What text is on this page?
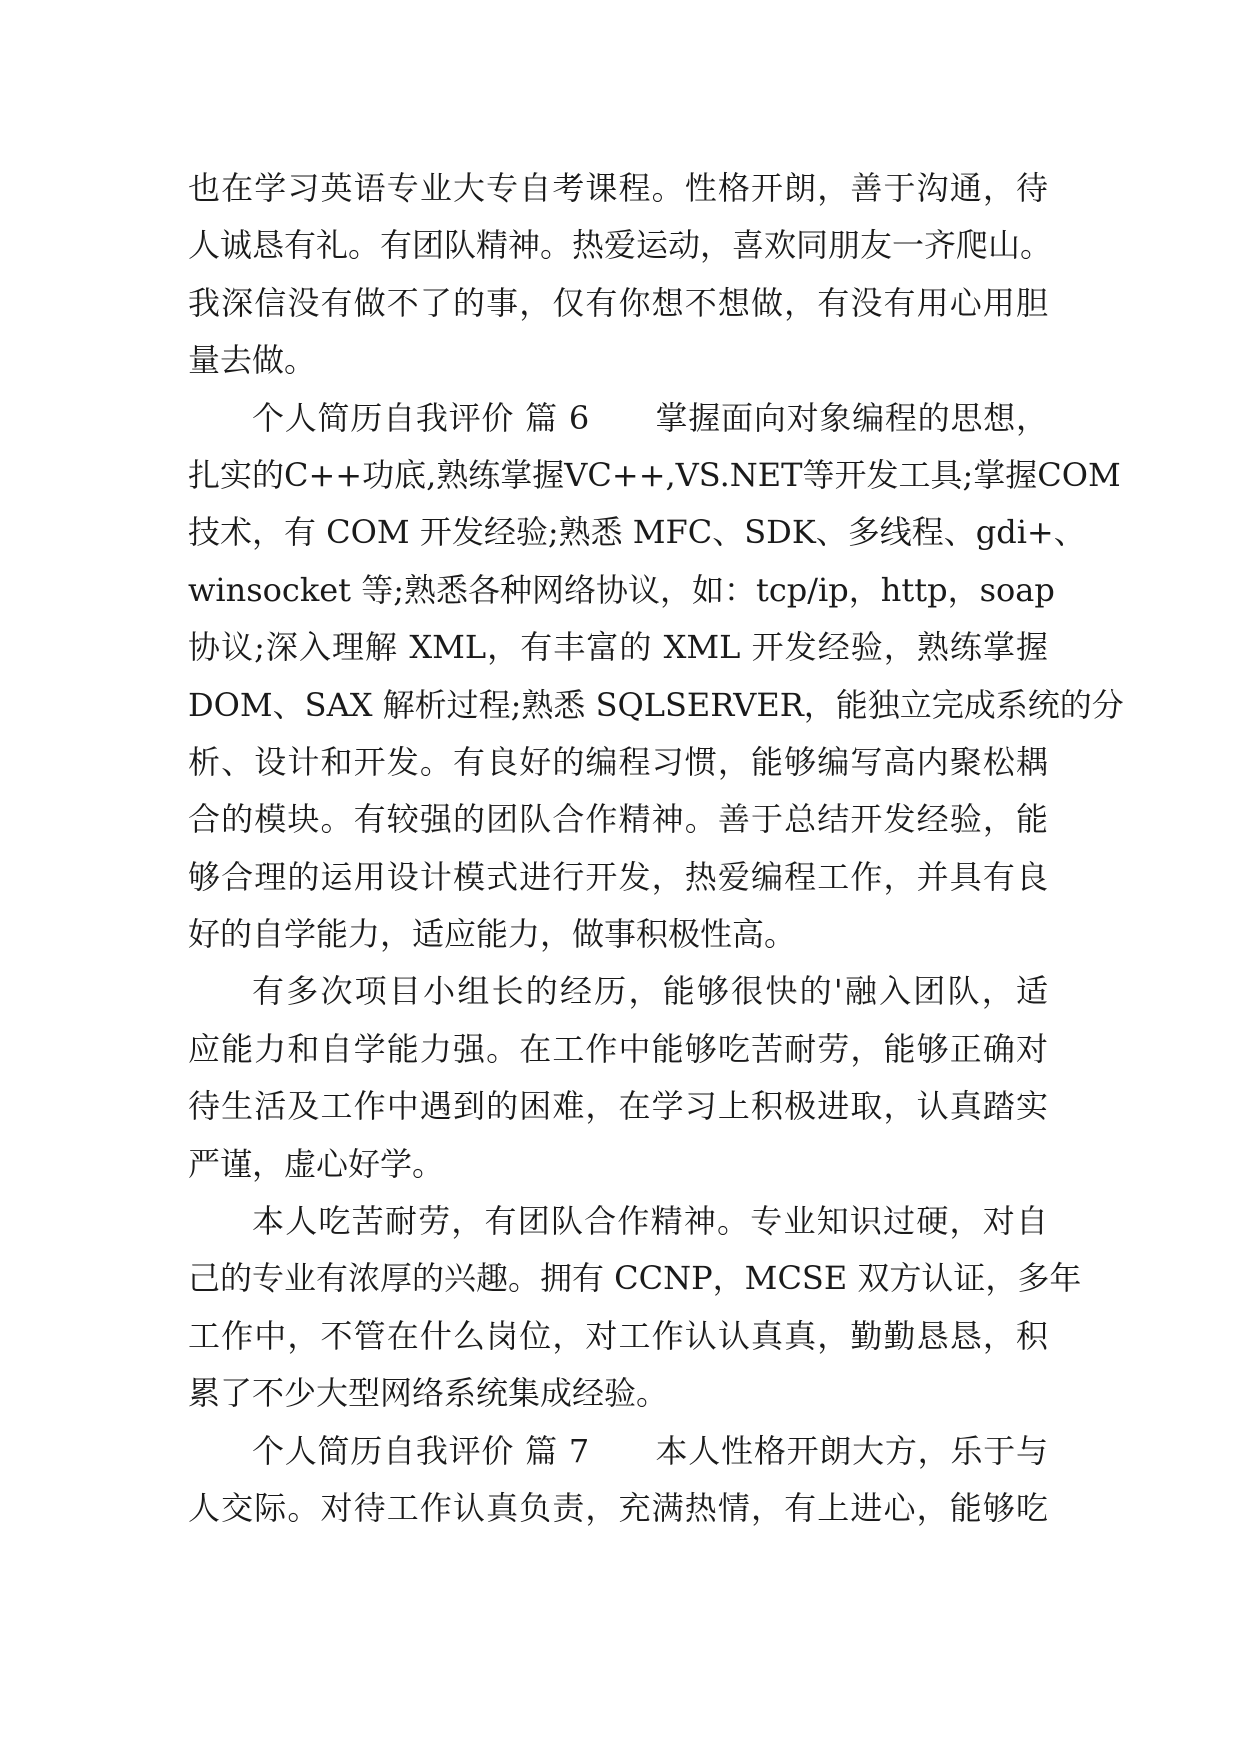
也在学习英语专业大专自考课程。性格开朗，善于沟通，待
人诚恳有礼。有团队精神。热爱运动，喜欢同朋友一齐爬山。
我深信没有做不了的事，仅有你想不想做，有没有用心用胆
量去做。
个人简历自我评价 篇 6　　掌握面向对象编程的思想，
扎实的C++功底,熟练掌握VC++,VS.NET等开发工具;掌握COM
技术，有 COM 开发经验;熟悉 MFC、SDK、多线程、gdi+、
winsocket 等;熟悉各种网络协议，如：tcp/ip，http，soap
协议;深入理解 XML，有丰富的 XML 开发经验，熟练掌握
DOM、SAX 解析过程;熟悉 SQLSERVER，能独立完成系统的分
析、设计和开发。有良好的编程习惯，能够编写高内聚松耦
合的模块。有较强的团队合作精神。善于总结开发经验，能
够合理的运用设计模式进行开发，热爱编程工作，并具有良
好的自学能力，适应能力，做事积极性高。
有多次项目小组长的经历，能够很快的'融入团队，适
应能力和自学能力强。在工作中能够吃苦耐劳，能够正确对
待生活及工作中遇到的困难，在学习上积极进取，认真踏实
严谨，虚心好学。
本人吃苦耐劳，有团队合作精神。专业知识过硬，对自
己的专业有浓厚的兴趣。拥有 CCNP，MCSE 双方认证，多年
工作中，不管在什么岗位，对工作认认真真，勤勤恳恳，积
累了不少大型网络系统集成经验。
个人简历自我评价 篇 7　　本人性格开朗大方，乐于与
人交际。对待工作认真负责，充满热情，有上进心，能够吃
